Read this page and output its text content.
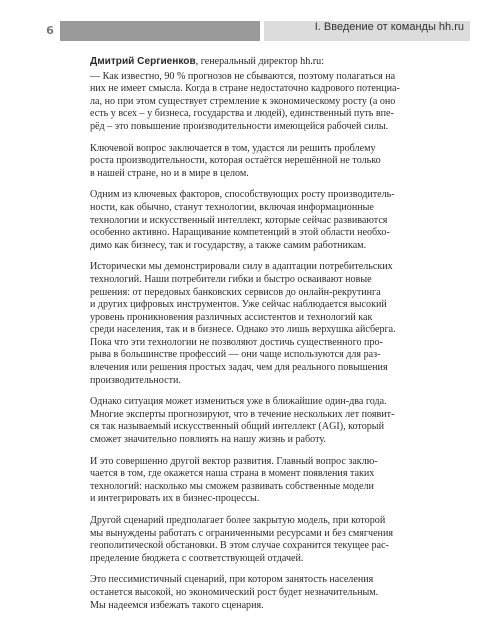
6	I. Введение от команды hh.ru

Дмитрий Сергиенков, генеральный директор hh.ru:

— Как известно, 90 % прогнозов не сбываются, поэтому полагаться на
них не имеет смысла. Когда в стране недостаточно кадрового потенциа-
ла, но при этом существует стремление к экономическому росту (а оно
есть у всех – у бизнеса, государства и людей), единственный путь впе-
рёд – это повышение производительности имеющейся рабочей силы.

Ключевой вопрос заключается в том, удастся ли решить проблему
роста производительности, которая остаётся нерешённой не только
в нашей стране, но и в мире в целом.

Одним из ключевых факторов, способствующих росту производитель-
ности, как обычно, станут технологии, включая информационные
технологии и искусственный интеллект, которые сейчас развиваются
особенно активно. Наращивание компетенций в этой области необхо-
димо как бизнесу, так и государству, а также самим работникам.

Исторически мы демонстрировали силу в адаптации потребительских
технологий. Наши потребители гибки и быстро осваивают новые
решения: от передовых банковских сервисов до онлайн-рекрутинга
и других цифровых инструментов. Уже сейчас наблюдается высокий
уровень проникновения различных ассистентов и технологий как
среди населения, так и в бизнесе. Однако это лишь верхушка айсберга.
Пока что эти технологии не позволяют достичь существенного про-
рыва в большинстве профессий — они чаще используются для раз-
влечения или решения простых задач, чем для реального повышения
производительности.

Однако ситуация может измениться уже в ближайшие один-два года.
Многие эксперты прогнозируют, что в течение нескольких лет появит-
ся так называемый искусственный общий интеллект (AGI), который
сможет значительно повлиять на нашу жизнь и работу.

И это совершенно другой вектор развития. Главный вопрос заклю-
чается в том, где окажется наша страна в момент появления таких
технологий: насколько мы сможем развивать собственные модели
и интегрировать их в бизнес-процессы.

Другой сценарий предполагает более закрытую модель, при которой
мы вынуждены работать с ограниченными ресурсами и без смягчения
геополитической обстановки. В этом случае сохранится текущее рас-
пределение бюджета с соответствующей отдачей.

Это пессимистичный сценарий, при котором занятость населения
останется высокой, но экономический рост будет незначительным.
Мы надеемся избежать такого сценария.
